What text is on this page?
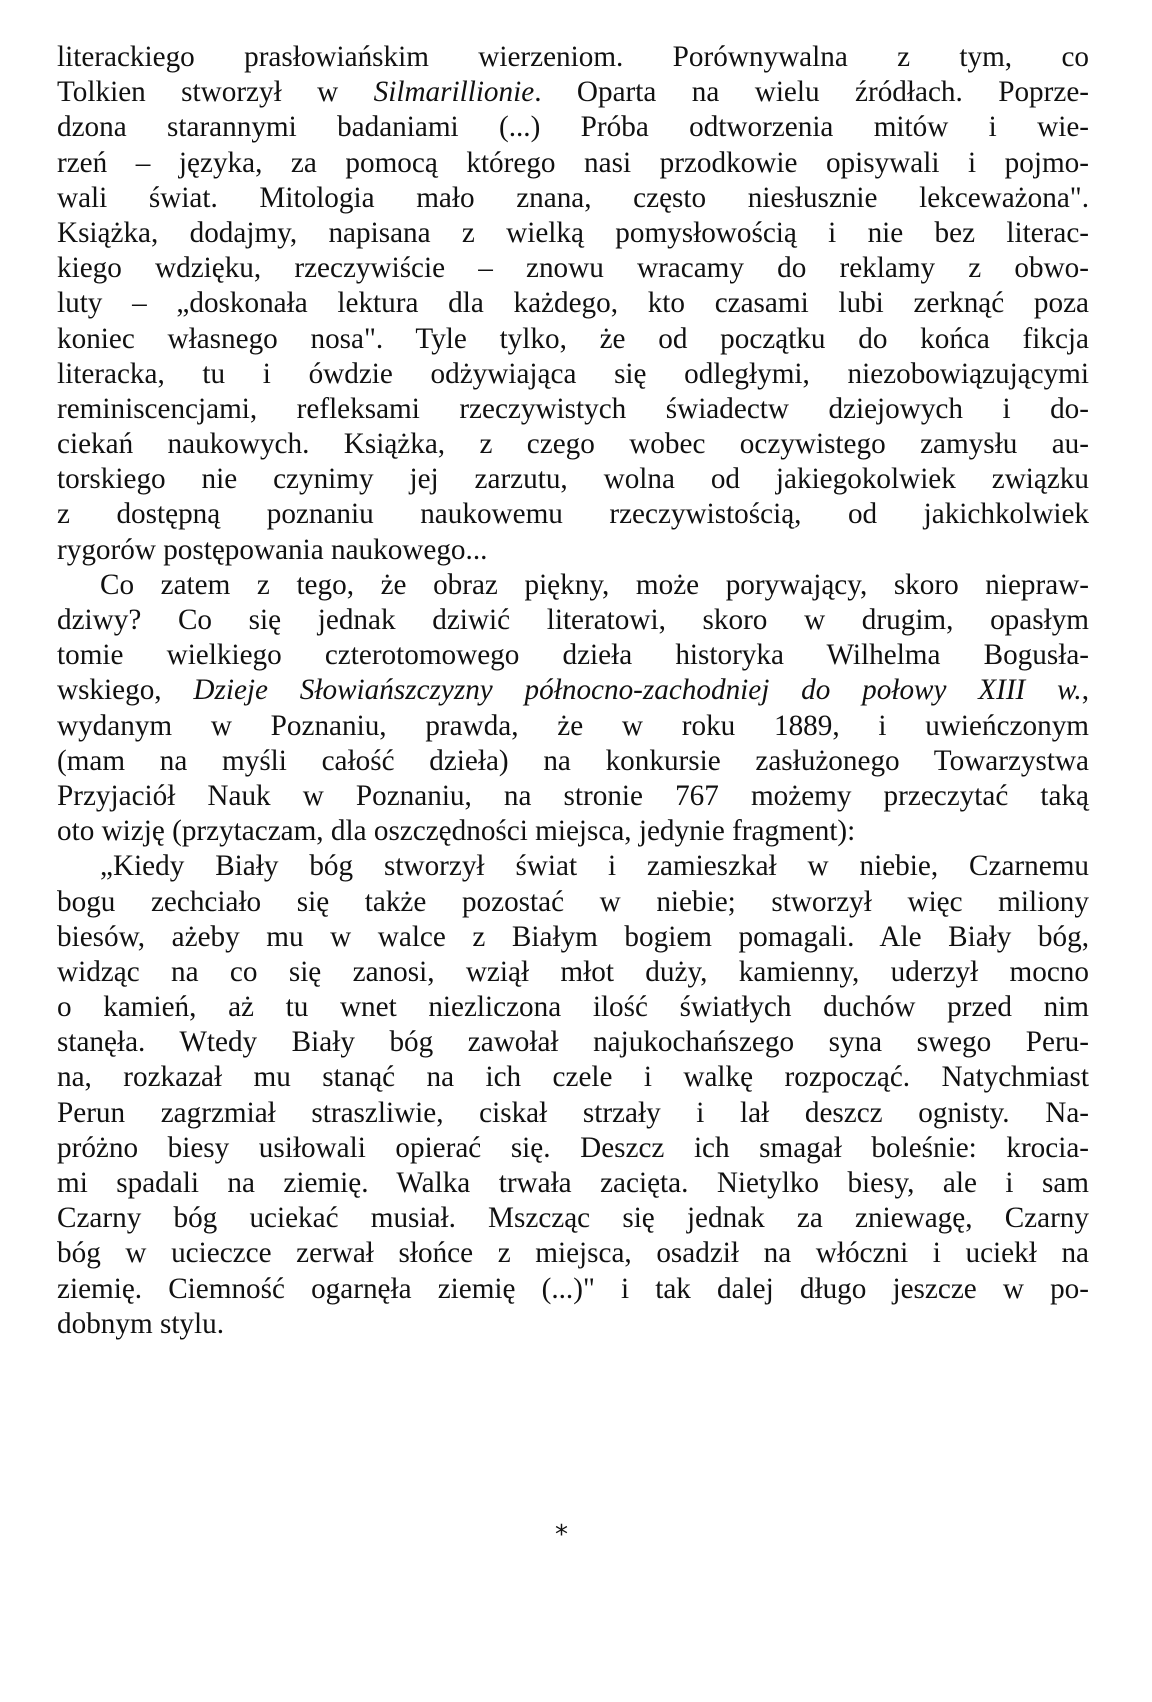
literackiego prasłowiańskim wierzeniom. Porównywalna z tym, co
Tolkien stworzył w Silmarillionie. Oparta na wielu źródłach. Poprze-
dzona starannymi badaniami (...) Próba odtworzenia mitów i wie-
rzeń – języka, za pomocą którego nasi przodkowie opisywali i pojmo-
wali świat. Mitologia mało znana, często niesłusznie lekceważona".
Książka, dodajmy, napisana z wielką pomysłowością i nie bez literac-
kiego wdzięku, rzeczywiście – znowu wracamy do reklamy z obwo-
luty – „doskonała lektura dla każdego, kto czasami lubi zerknąć poza
koniec własnego nosa". Tyle tylko, że od początku do końca fikcja
literacka, tu i ówdzie odżywiająca się odległymi, niezobowiązującymi
reminiscencjami, refleksami rzeczywistych świadectw dziejowych i do-
ciekań naukowych. Książka, z czego wobec oczywistego zamysłu au-
torskiego nie czynimy jej zarzutu, wolna od jakiegokolwiek związku
z dostępną poznaniu naukowemu rzeczywistością, od jakichkolwiek
rygorów postępowania naukowego...
Co zatem z tego, że obraz piękny, może porywający, skoro niepraw-
dziwy? Co się jednak dziwić literatowi, skoro w drugim, opasłym
tomie wielkiego czterotomowego dzieła historyka Wilhelma Bogusła-
wskiego, Dzieje Słowiańszczyzny północno-zachodniej do połowy XIII w.,
wydanym w Poznaniu, prawda, że w roku 1889, i uwieńczonym
(mam na myśli całość dzieła) na konkursie zasłużonego Towarzystwa
Przyjaciół Nauk w Poznaniu, na stronie 767 możemy przeczytać taką
oto wizję (przytaczam, dla oszczędności miejsca, jedynie fragment):
„Kiedy Biały bóg stworzył świat i zamieszkał w niebie, Czarnemu
bogu zechciało się także pozostać w niebie; stworzył więc miliony
biesów, ażeby mu w walce z Białym bogiem pomagali. Ale Biały bóg,
widząc na co się zanosi, wziął młot duży, kamienny, uderzył mocno
o kamień, aż tu wnet niezliczona ilość światłych duchów przed nim
stanęła. Wtedy Biały bóg zawołał najukochańszego syna swego Peru-
na, rozkazał mu stanąć na ich czele i walkę rozpocząć. Natychmiast
Perun zagrzmiał straszliwie, ciskał strzały i lał deszcz ognisty. Na-
próżno biesy usiłowali opierać się. Deszcz ich smagał boleśnie: krocia-
mi spadali na ziemię. Walka trwała zacięta. Nietylko biesy, ale i sam
Czarny bóg uciekać musiał. Mszcząc się jednak za zniewagę, Czarny
bóg w ucieczce zerwał słońce z miejsca, osadził na włóczni i uciekł na
ziemię. Ciemność ogarnęła ziemię (...)" i tak dalej długo jeszcze w po-
dobnym stylu.
*
